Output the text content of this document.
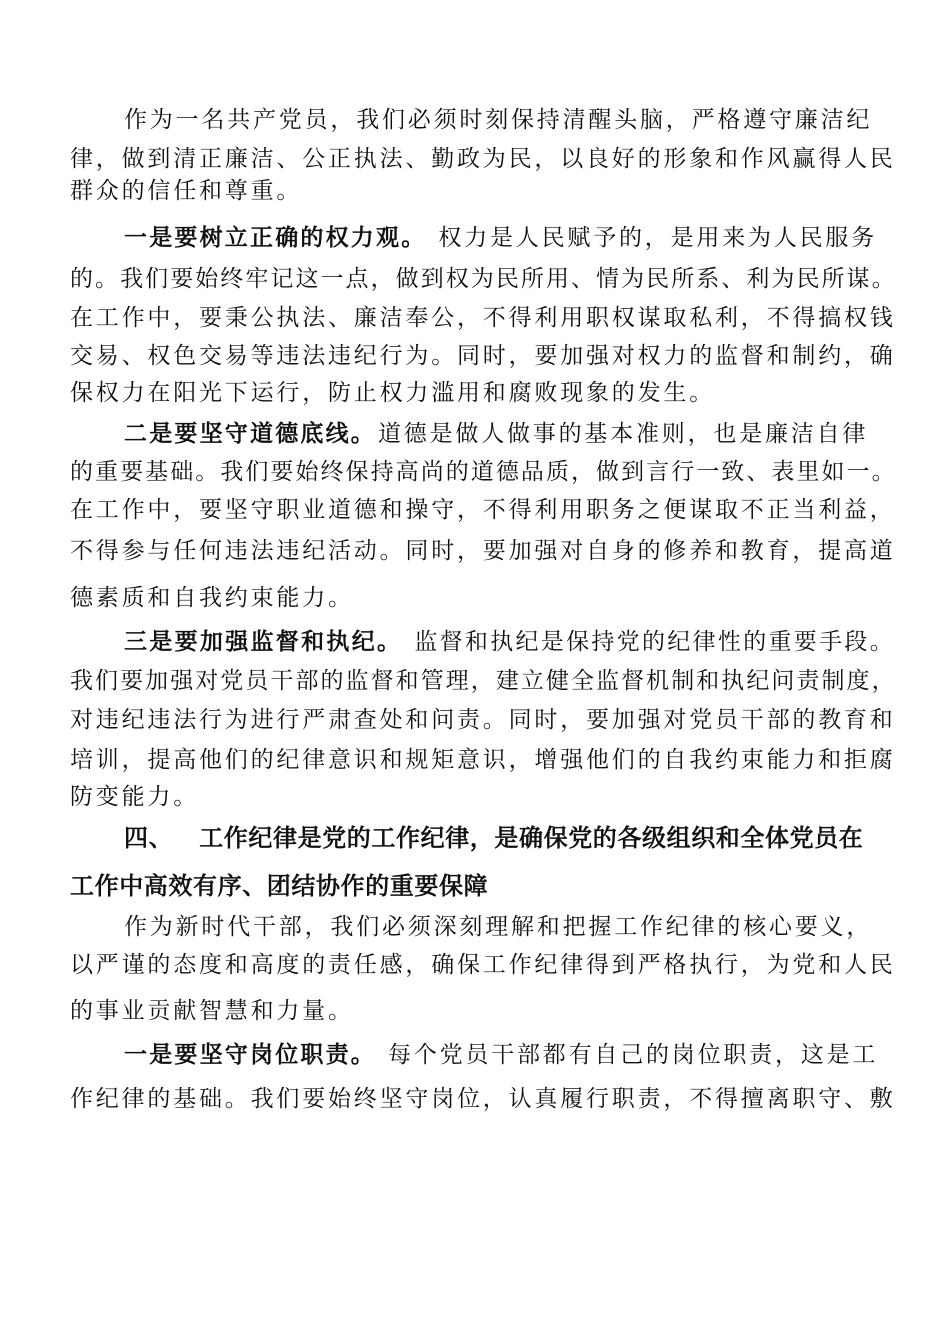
作为一名共产党员，我们必须时刻保持清醒头脑，严格遵守廉洁纪
律，做到清正廉洁、公正执法、勤政为民，以良好的形象和作风赢得人民
群众的信任和尊重。
一是要树立正确的权力观。 权力是人民赋予的，是用来为人民服务
的。我们要始终牢记这一点，做到权为民所用、情为民所系、利为民所谋。
在工作中，要秉公执法、廉洁奉公，不得利用职权谋取私利，不得搞权钱
交易、权色交易等违法违纪行为。同时，要加强对权力的监督和制约，确
保权力在阳光下运行，防止权力滥用和腐败现象的发生。
二是要坚守道德底线。道德是做人做事的基本准则，也是廉洁自律
的重要基础。我们要始终保持高尚的道德品质，做到言行一致、表里如一。
在工作中，要坚守职业道德和操守，不得利用职务之便谋取不正当利益，
不得参与任何违法违纪活动。同时，要加强对自身的修养和教育，提高道
德素质和自我约束能力。
三是要加强监督和执纪。 监督和执纪是保持党的纪律性的重要手段。
我们要加强对党员干部的监督和管理，建立健全监督机制和执纪问责制度，
对违纪违法行为进行严肃查处和问责。同时，要加强对党员干部的教育和
培训，提高他们的纪律意识和规矩意识，增强他们的自我约束能力和拒腐
防变能力。
四、 工作纪律是党的工作纪律，是确保党的各级组织和全体党员在
工作中高效有序、团结协作的重要保障
作为新时代干部，我们必须深刻理解和把握工作纪律的核心要义，
以严谨的态度和高度的责任感，确保工作纪律得到严格执行，为党和人民
的事业贡献智慧和力量。
一是要坚守岗位职责。 每个党员干部都有自己的岗位职责，这是工
作纪律的基础。我们要始终坚守岗位，认真履行职责，不得擅离职守、敷
